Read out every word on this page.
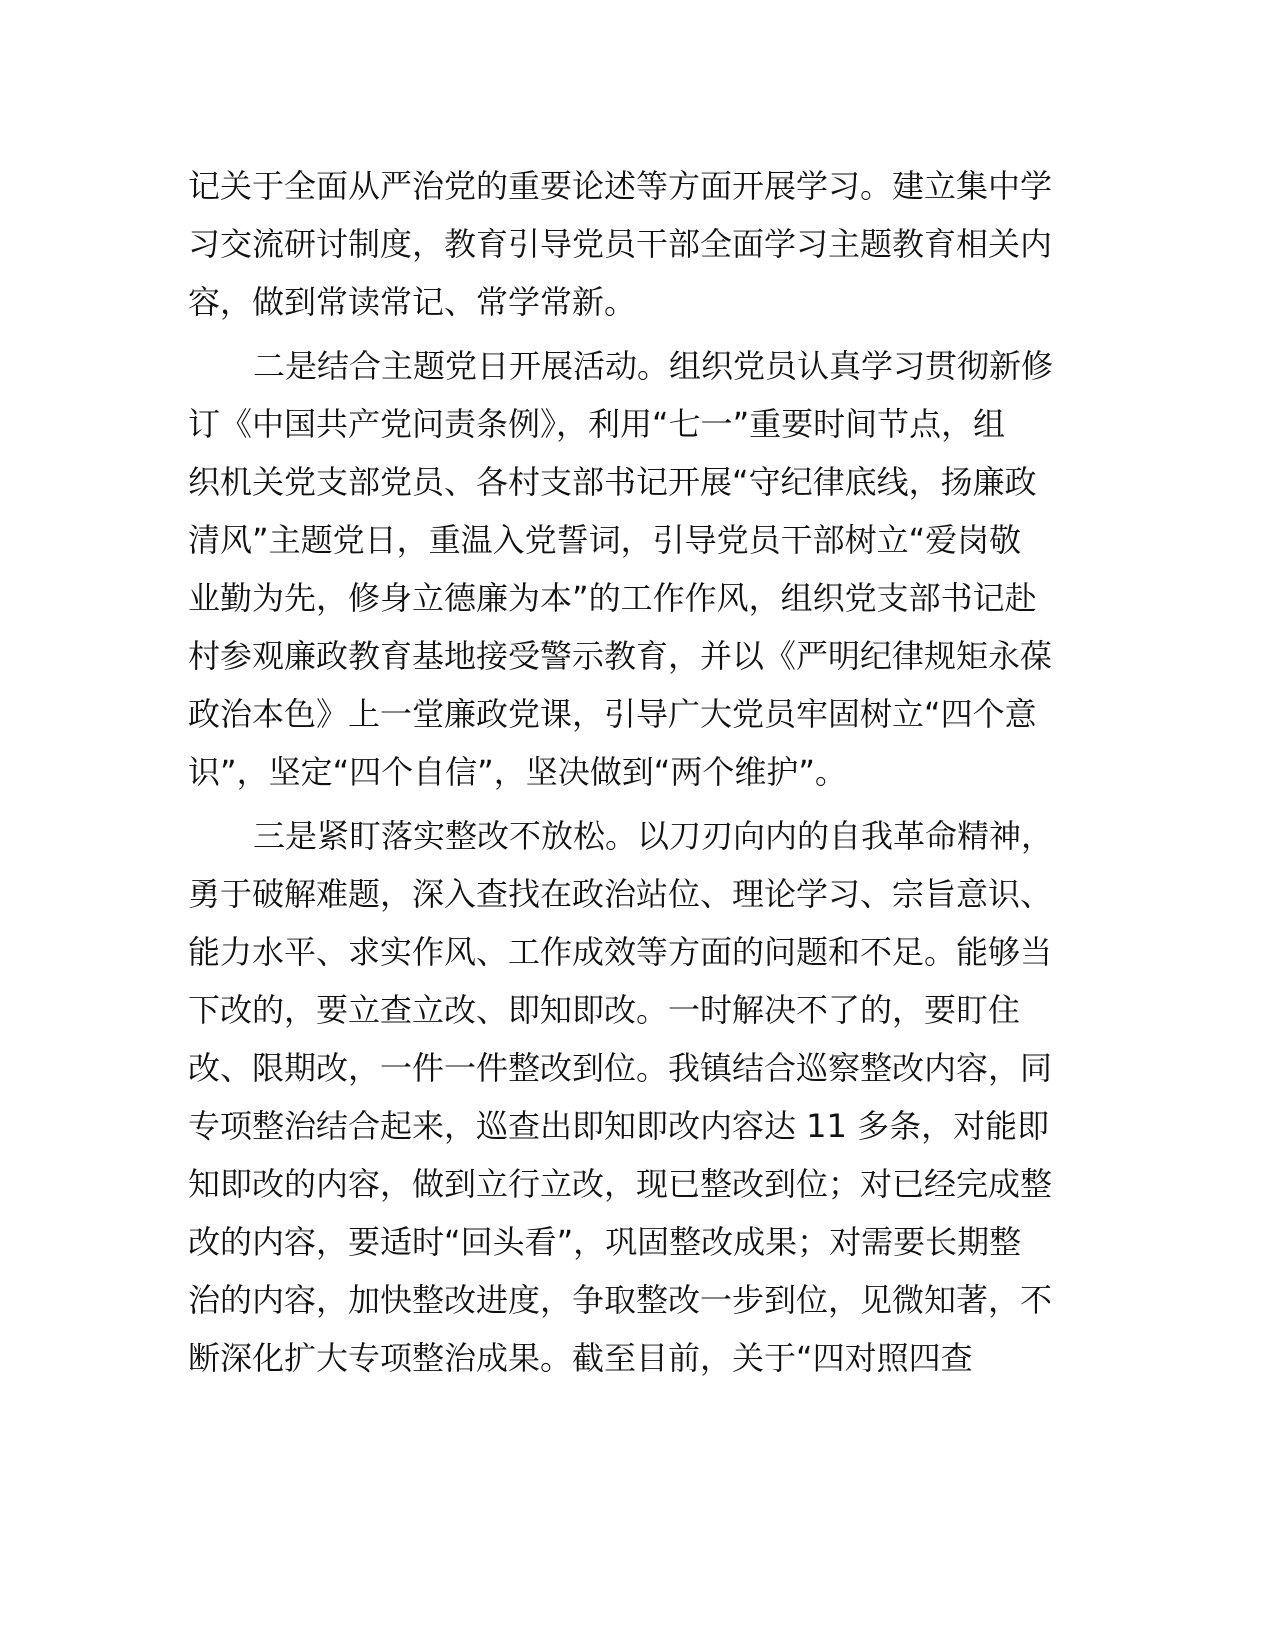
记关于全面从严治党的重要论述等方面开展学习。建立集中学
习交流研讨制度，教育引导党员干部全面学习主题教育相关内
容，做到常读常记、常学常新。
二是结合主题党日开展活动。组织党员认真学习贯彻新修
订《中国共产党问责条例》，利用“七一”重要时间节点，组
织机关党支部党员、各村支部书记开展“守纪律底线，扬廉政
清风”主题党日，重温入党誓词，引导党员干部树立“爱岗敬
业勤为先，修身立德廉为本”的工作作风，组织党支部书记赴
村参观廉政教育基地接受警示教育，并以《严明纪律规矩永葆
政治本色》上一堂廉政党课，引导广大党员牢固树立“四个意
识”，坚定“四个自信”，坚决做到“两个维护”。
三是紧盯落实整改不放松。以刀刃向内的自我革命精神，
勇于破解难题，深入查找在政治站位、理论学习、宗旨意识、
能力水平、求实作风、工作成效等方面的问题和不足。能够当
下改的，要立查立改、即知即改。一时解决不了的，要盯住
改、限期改，一件一件整改到位。我镇结合巡察整改内容，同
专项整治结合起来，巡查出即知即改内容达 11 多条，对能即
知即改的内容，做到立行立改，现已整改到位；对已经完成整
改的内容，要适时“回头看”，巩固整改成果；对需要长期整
治的内容，加快整改进度，争取整改一步到位，见微知著，不
断深化扩大专项整治成果。截至目前，关于“四对照四查
